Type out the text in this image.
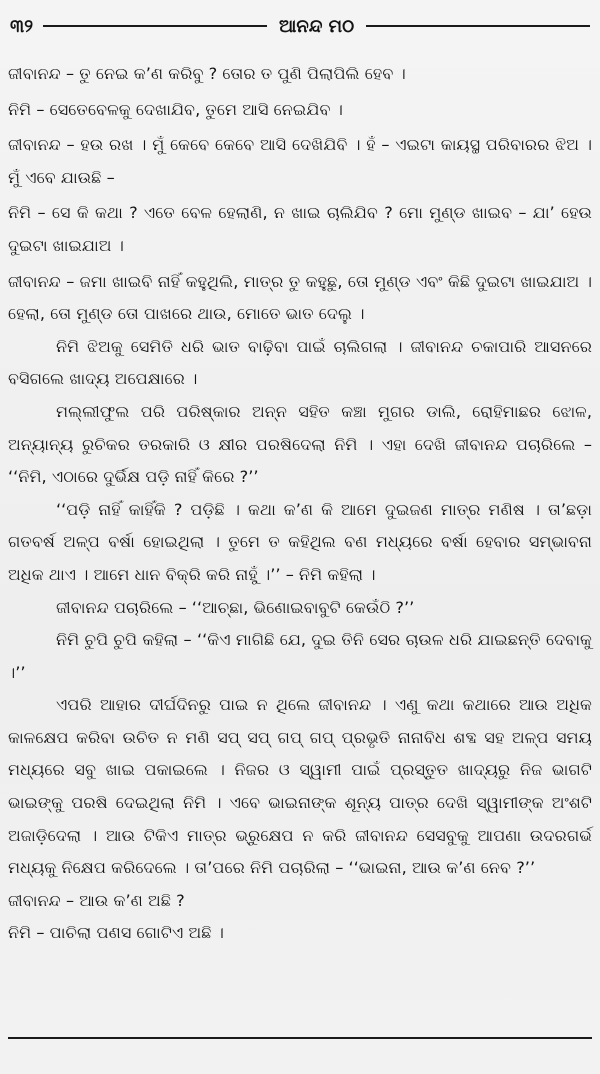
୩୨	ଆନନ୍ଦ ମଠ

ଜୀବାନନ୍ଦ – ତୁ ନେଇ କ’ଣ କରିବୁ ? ତୋର ତ ପୁଣି ପିଲାପିଲି ହେବ ।

ନିମି – ସେତେବେଳକୁ ଦେଖାଯିବ, ତୁମେ ଆସି ନେଇଯିବ ।

ଜୀବାନନ୍ଦ – ହଉ ରଖ । ମୁଁ କେବେ କେବେ ଆସି ଦେଖିଯିବି । ହଁ – ଏଇଟା କାୟସ୍ଥ ପରିବାରର ଝିଅ । ମୁଁ ଏବେ ଯାଉଛି –

ନିମି – ସେ କି କଥା ? ଏତେ ବେଳ ହେଲାଣି, ନ ଖାଇ ଚାଲିଯିବ ? ମୋ ମୁଣ୍ଡ ଖାଇବ – ଯା’ ହେଉ ଦୁଇଟା ଖାଇଯାଅ ।

ଜୀବାନନ୍ଦ – ଜମା ଖାଇବି ନାହିଁ କହୁଥିଲି, ମାତ୍ର ତୁ କହୁଛୁ, ତୋ ମୁଣ୍ଡ ଏବଂ କିଛି ଦୁଇଟା ଖାଇଯାଅ । ହେଲା, ତୋ ମୁଣ୍ଡ ତୋ ପାଖରେ ଥାଉ, ମୋତେ ଭାତ ଦେଲୁ ।

ନିମି ଝିଅକୁ ସେମିତି ଧରି ଭାତ ବାଢ଼ିବା ପାଇଁ ଚାଲିଗଲା । ଜୀବାନନ୍ଦ ଚକାପାରି ଆସନରେ ବସିଗଲେ ଖାଦ୍ୟ ଅପେକ୍ଷାରେ ।

ମଲ୍ଲୀଫୁଲ ପରି ପରିଷ୍କାର ଅନ୍ନ ସହିତ କଞ୍ଚା ମୁଗର ଡାଲି, ରୋହିମାଛର ଝୋଳ, ଅନ୍ୟାନ୍ୟ ରୁଚିକର ତରକାରି ଓ କ୍ଷୀର ପରଷିଦେଲା ନିମି । ଏହା ଦେଖି ଜୀବାନନ୍ଦ ପଚାରିଲେ – ‘‘ନିମି, ଏଠାରେ ଦୁର୍ଭିକ୍ଷ ପଡ଼ି ନାହିଁ କିରେ ?’’

‘‘ପଡ଼ି ନାହିଁ କାହିଁକି ? ପଡ଼ିଛି । କଥା କ’ଣ କି ଆମେ ଦୁଇଜଣ ମାତ୍ର ମଣିଷ । ତା’ଛଡ଼ା ଗତବର୍ଷ ଅଳ୍ପ ବର୍ଷା ହୋଇଥିଲା । ତୁମେ ତ କହିଥିଲ ବଣ ମଧ୍ୟରେ ବର୍ଷା ହେବାର ସମ୍ଭାବନା ଅଧିକ ଥାଏ । ଆମେ ଧାନ ବିକ୍ରି କରି ନାହୁଁ ।’’ – ନିମି କହିଲା ।

ଜୀବାନନ୍ଦ ପଚାରିଲେ – ‘‘ଆଚ୍ଛା, ଭିଣୋଇବାବୁଟି କେଉଁଠି ?’’

ନିମି ଚୁପି ଚୁପି କହିଲା – ‘‘କିଏ ମାଗିଛି ଯେ, ଦୁଇ ତିନି ସେର ଚାଉଳ ଧରି ଯାଇଛନ୍ତି ଦେବାକୁ ।’’

ଏପରି ଆହାର ଦୀର୍ଘଦିନରୁ ପାଇ ନ ଥିଲେ ଜୀବାନନ୍ଦ । ଏଣୁ କଥା କଥାରେ ଆଉ ଅଧିକ କାଳକ୍ଷେପ କରିବା ଉଚିତ ନ ମଣି ସପ୍ ସପ୍ ଗପ୍ ଗପ୍ ପ୍ରଭୃତି ନାନାବିଧ ଶବ୍ଦ ସହ ଅଳ୍ପ ସମୟ ମଧ୍ୟରେ ସବୁ ଖାଇ ପକାଇଲେ । ନିଜର ଓ ସ୍ୱାମୀ ପାଇଁ ପ୍ରସ୍ତୁତ ଖାଦ୍ୟରୁ ନିଜ ଭାଗଟି ଭାଇଙ୍କୁ ପରଷି ଦେଇଥିଲା ନିମି । ଏବେ ଭାଇନାଙ୍କ ଶୂନ୍ୟ ପାତ୍ର ଦେଖି ସ୍ୱାମୀଙ୍କ ଅଂଶଟି ଅଜାଡ଼ିଦେଲା । ଆଉ ଟିକିଏ ମାତ୍ର ଭ୍ରୁକ୍ଷେପ ନ କରି ଜୀବାନନ୍ଦ ସେସବୁକୁ ଆପଣା ଉଦରଗର୍ଭ ମଧ୍ୟକୁ ନିକ୍ଷେପ କରିଦେଲେ । ତା’ପରେ ନିମି ପଚାରିଲା – ‘‘ଭାଇନା, ଆଉ କ’ଣ ନେବ ?’’

ଜୀବାନନ୍ଦ – ଆଉ କ’ଣ ଅଛି ?

ନିମି – ପାଚିଲା ପଣସ ଗୋଟିଏ ଅଛି ।
